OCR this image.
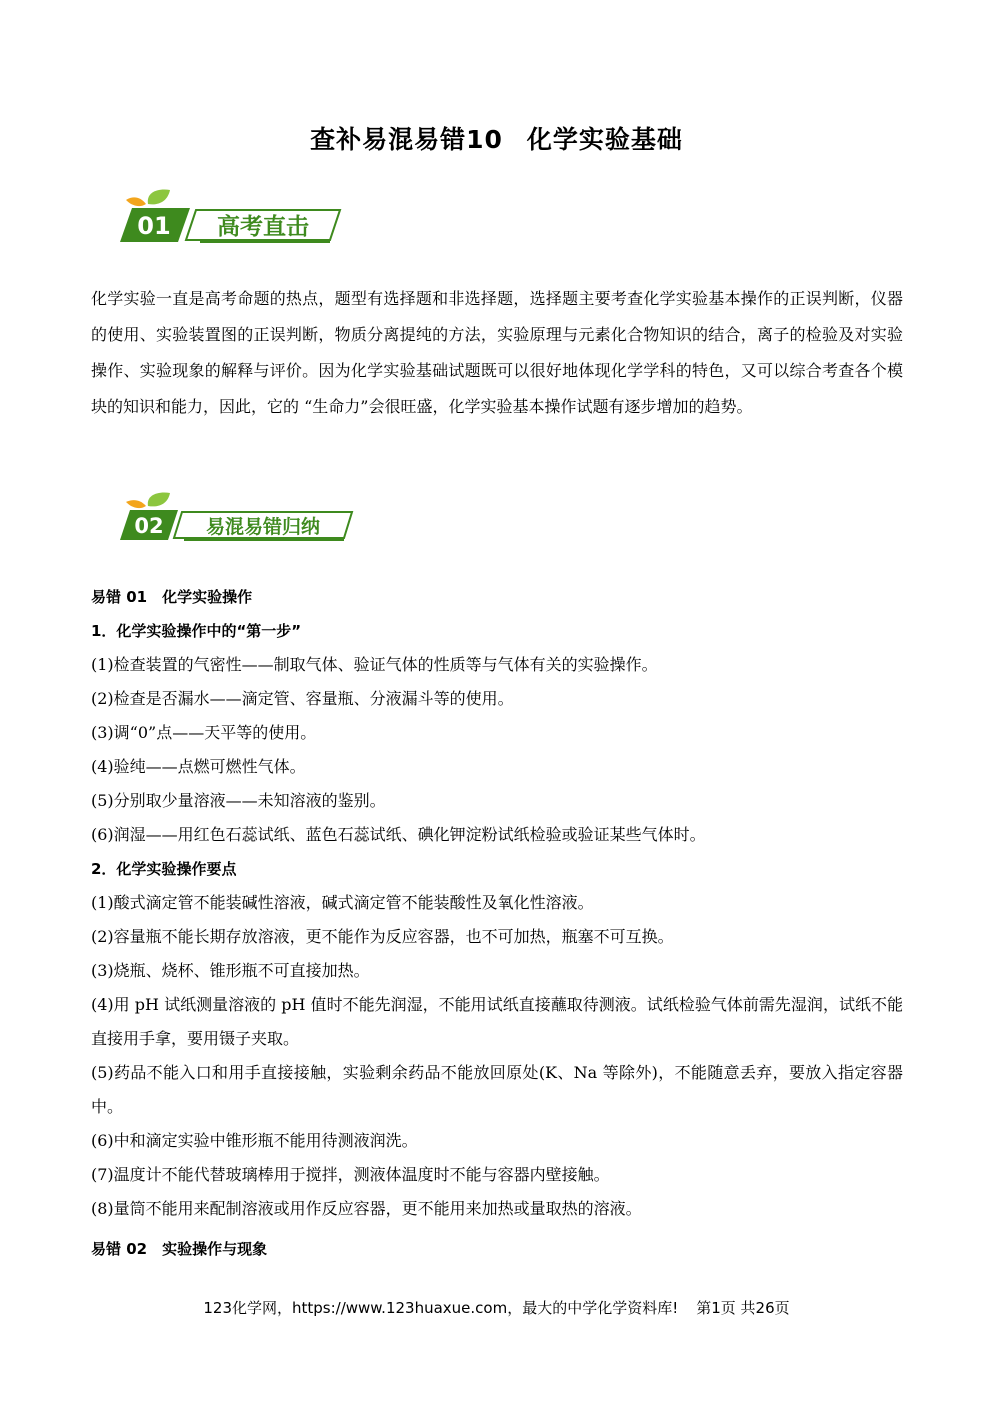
查补易混易错10 化学实验基础
01 高考直击

化学实验一直是高考命题的热点，题型有选择题和非选择题，选择题主要考查化学实验基本操作的正误判断，仪器的使用、实验装置图的正误判断，物质分离提纯的方法，实验原理与元素化合物知识的结合，离子的检验及对实验操作、实验现象的解释与评价。因为化学实验基础试题既可以很好地体现化学学科的特色，又可以综合考查各个模块的知识和能力，因此，它的 “生命力”会很旺盛，化学实验基本操作试题有逐步增加的趋势。

02 易混易错归纳
易错 01　化学实验操作
1．化学实验操作中的“第一步”
(1)检查装置的气密性——制取气体、验证气体的性质等与气体有关的实验操作。
(2)检查是否漏水——滴定管、容量瓶、分液漏斗等的使用。
(3)调“0”点——天平等的使用。
(4)验纯——点燃可燃性气体。
(5)分别取少量溶液——未知溶液的鉴别。
(6)润湿——用红色石蕊试纸、蓝色石蕊试纸、碘化钾淀粉试纸检验或验证某些气体时。
2．化学实验操作要点
(1)酸式滴定管不能装碱性溶液，碱式滴定管不能装酸性及氧化性溶液。
(2)容量瓶不能长期存放溶液，更不能作为反应容器，也不可加热，瓶塞不可互换。
(3)烧瓶、烧杯、锥形瓶不可直接加热。
(4)用 pH 试纸测量溶液的 pH 值时不能先润湿，不能用试纸直接蘸取待测液。试纸检验气体前需先湿润，试纸不能直接用手拿，要用镊子夹取。
(5)药品不能入口和用手直接接触，实验剩余药品不能放回原处(K、Na 等除外)，不能随意丢弃，要放入指定容器中。
(6)中和滴定实验中锥形瓶不能用待测液润洗。
(7)温度计不能代替玻璃棒用于搅拌，测液体温度时不能与容器内壁接触。
(8)量筒不能用来配制溶液或用作反应容器，更不能用来加热或量取热的溶液。
易错 02　实验操作与现象
123化学网，https://www.123huaxue.com，最大的中学化学资料库! 第1页 共26页
